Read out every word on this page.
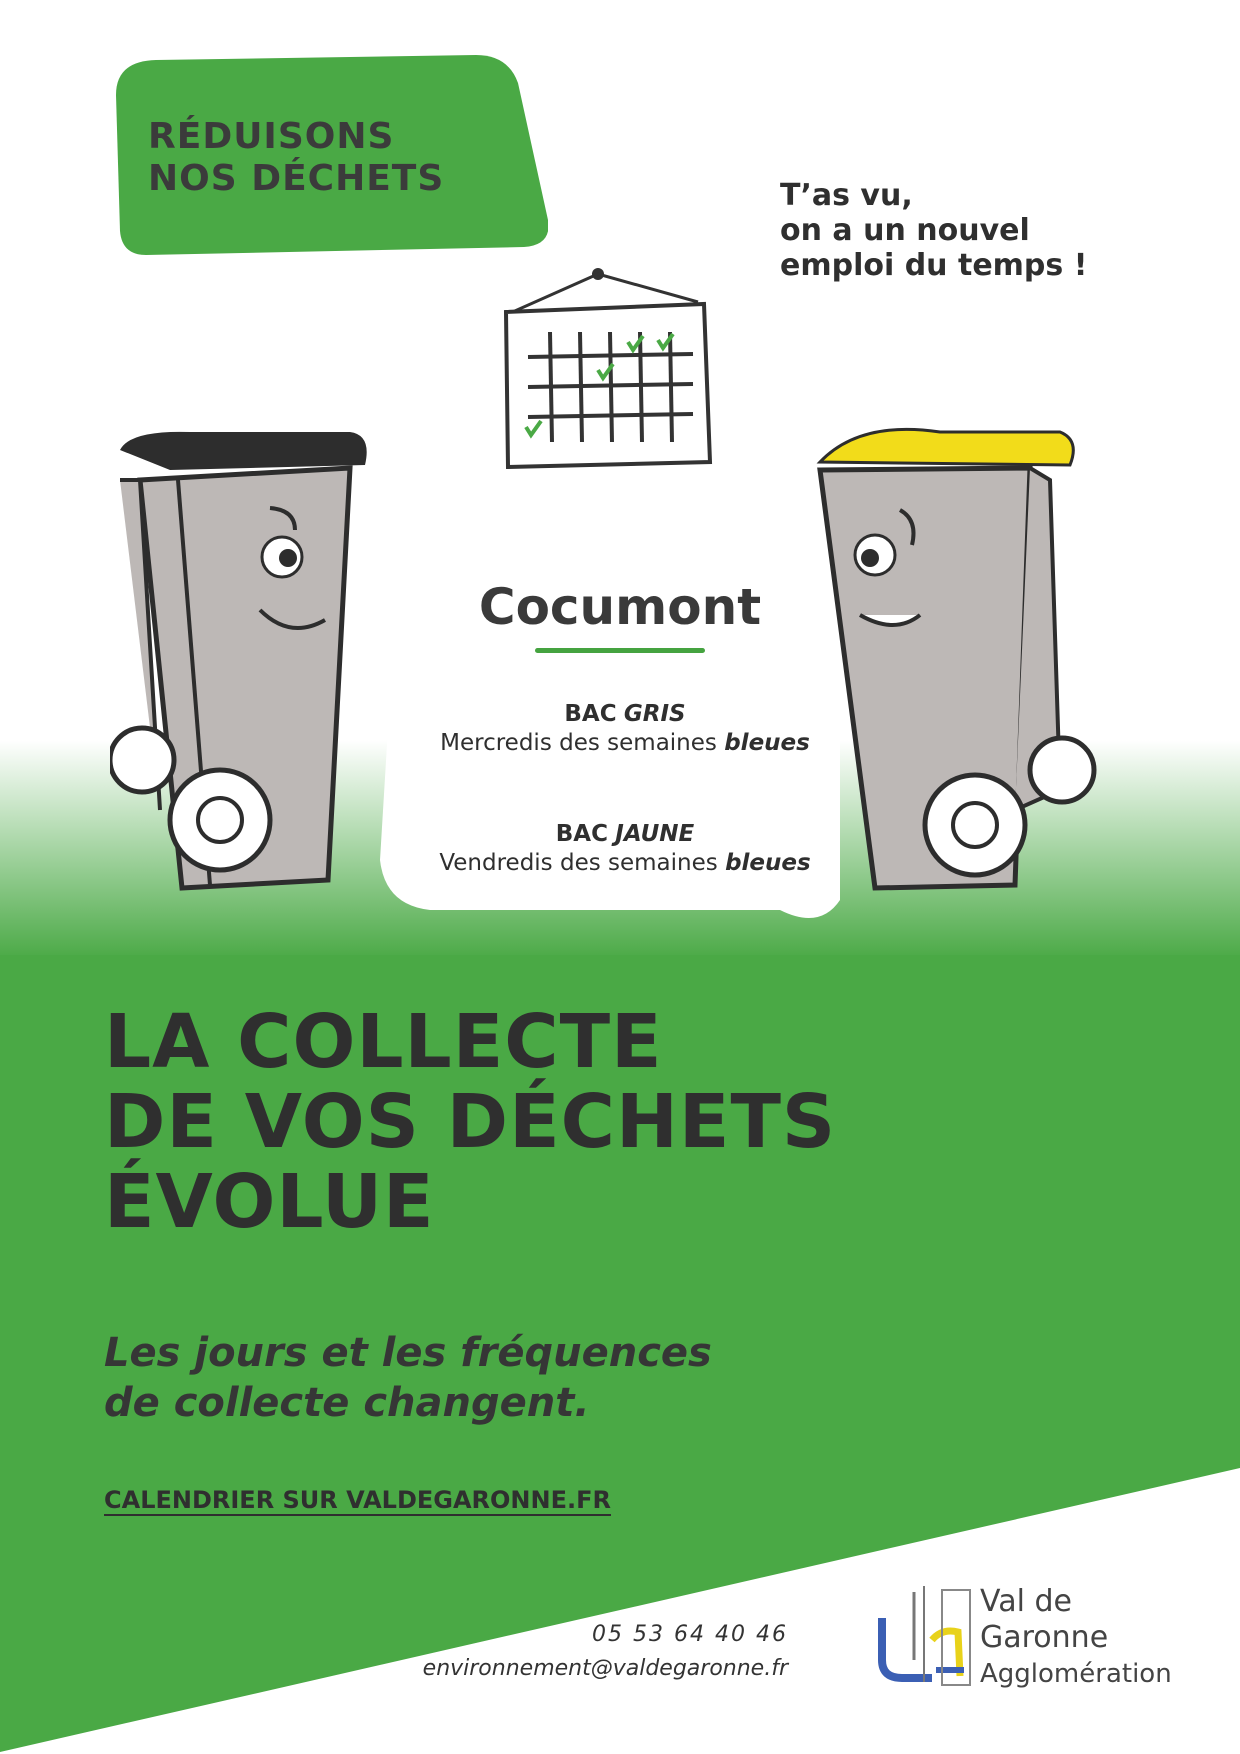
RÉDUISONS
NOS DÉCHETS	T’as vu,
on a un nouvel
emploi du temps !
Cocumont
BAC GRIS
Mercredis des semaines bleues
BAC JAUNE
Vendredis des semaines bleues
LA COLLECTE
DE VOS DÉCHETS
ÉVOLUE
Les jours et les fréquences
de collecte changent.
CALENDRIER SUR VALDEGARONNE.FR
05 53 64 40 46
environnement@valdegaronne.fr
Val de
Garonne
Agglomération
